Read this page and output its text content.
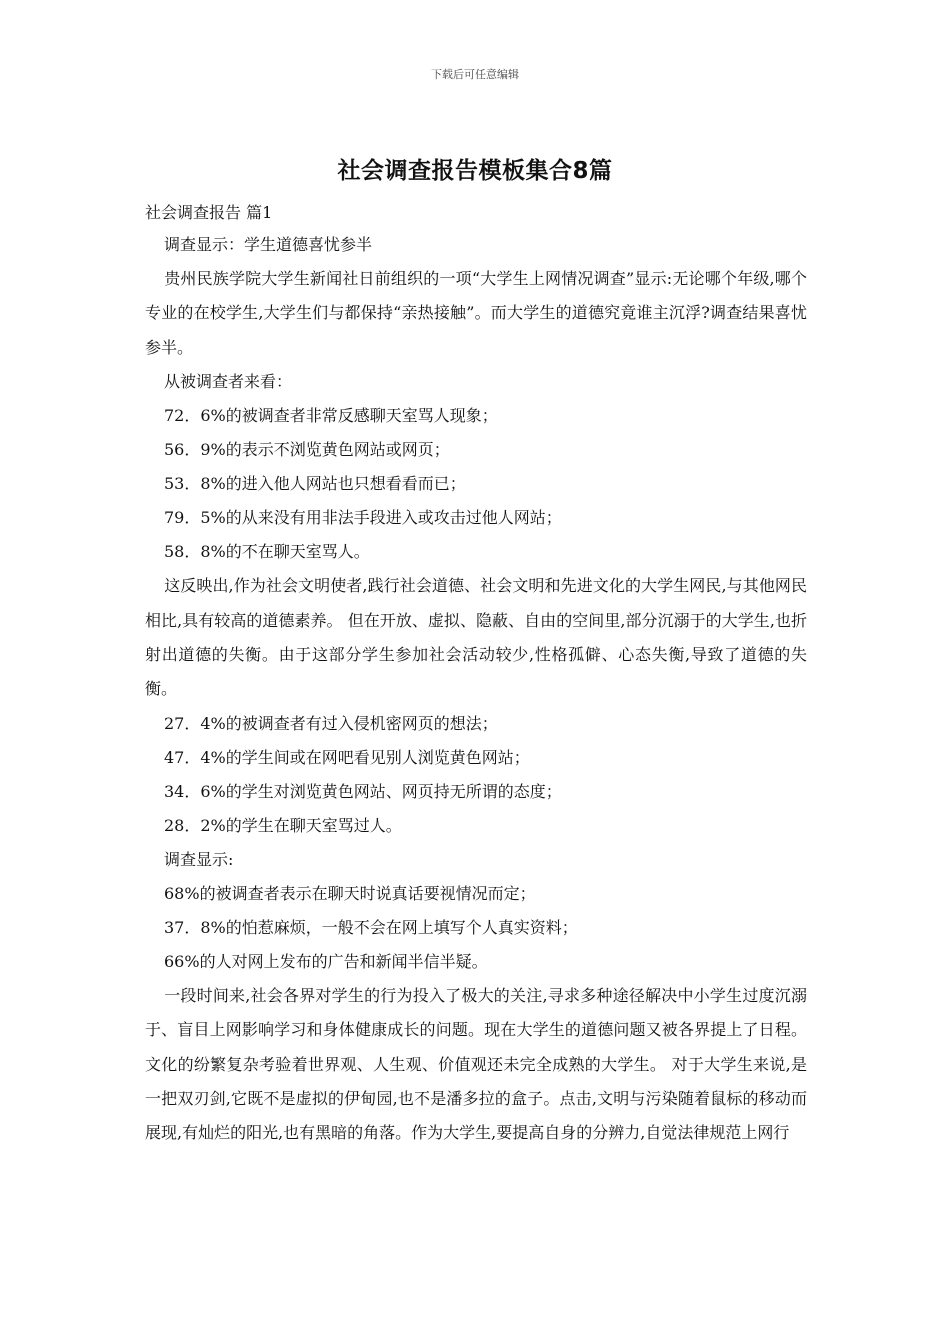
下载后可任意编辑
社会调查报告模板集合8篇
社会调查报告 篇1
调查显示：学生道德喜忧参半

贵州民族学院大学生新闻社日前组织的一项“大学生上网情况调查”显示:无论哪个年级,哪个专业的在校学生,大学生们与都保持“亲热接触”。而大学生的道德究竟谁主沉浮?调查结果喜忧参半。

从被调查者来看：
72．6%的被调查者非常反感聊天室骂人现象；
56．9%的表示不浏览黄色网站或网页；
53．8%的进入他人网站也只想看看而已；
79．5%的从来没有用非法手段进入或攻击过他人网站；
58．8%的不在聊天室骂人。

这反映出,作为社会文明使者,践行社会道德、社会文明和先进文化的大学生网民,与其他网民相比,具有较高的道德素养。 但在开放、虚拟、隐蔽、自由的空间里,部分沉溺于的大学生,也折射出道德的失衡。由于这部分学生参加社会活动较少,性格孤僻、心态失衡,导致了道德的失衡。

27．4%的被调查者有过入侵机密网页的想法；
47．4%的学生间或在网吧看见别人浏览黄色网站；
34．6%的学生对浏览黄色网站、网页持无所谓的态度；
28．2%的学生在聊天室骂过人。
调查显示:
68%的被调查者表示在聊天时说真话要视情况而定；
37．8%的怕惹麻烦，一般不会在网上填写个人真实资料；
66%的人对网上发布的广告和新闻半信半疑。

一段时间来,社会各界对学生的行为投入了极大的关注,寻求多种途径解决中小学生过度沉溺于、盲目上网影响学习和身体健康成长的问题。现在大学生的道德问题又被各界提上了日程。文化的纷繁复杂考验着世界观、人生观、价值观还未完全成熟的大学生。 对于大学生来说,是一把双刃剑,它既不是虚拟的伊甸园,也不是潘多拉的盒子。点击,文明与污染随着鼠标的移动而展现,有灿烂的阳光,也有黑暗的角落。作为大学生,要提高自身的分辨力,自觉法律规范上网行
